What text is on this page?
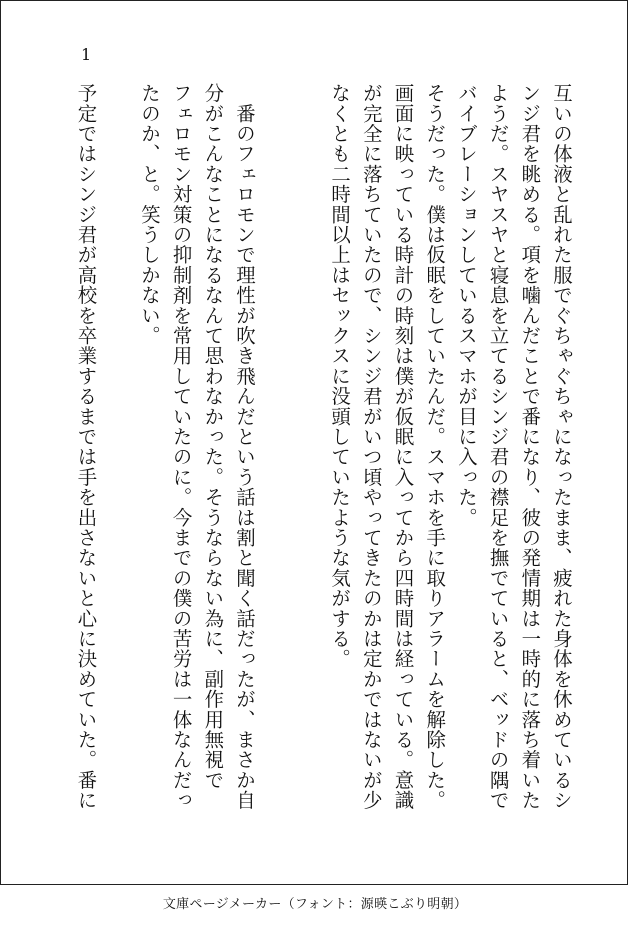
1
互いの体液と乱れた服でぐちゃぐちゃになったまま、疲れた身体を休めているシ
ンジ君を眺める。項を噛んだことで番になり、彼の発情期は一時的に落ち着いた
ようだ。スヤスヤと寝息を立てるシンジ君の襟足を撫でていると、ベッドの隅で
バイブレーションしているスマホが目に入った。
そうだった。僕は仮眠をしていたんだ。スマホを手に取りアラームを解除した。
画面に映っている時計の時刻は僕が仮眠に入ってから四時間は経っている。意識
が完全に落ちていたので、シンジ君がいつ頃やってきたのかは定かではないが少
なくとも二時間以上はセックスに没頭していたような気がする。
　番のフェロモンで理性が吹き飛んだという話は割と聞く話だったが、まさか自
分がこんなことになるなんて思わなかった。そうならない為に、副作用無視で
フェロモン対策の抑制剤を常用していたのに。今までの僕の苦労は一体なんだっ
たのか、と。笑うしかない。
予定ではシンジ君が高校を卒業するまでは手を出さないと心に決めていた。番に
文庫ページメーカー（フォント：源暎こぶり明朝）
